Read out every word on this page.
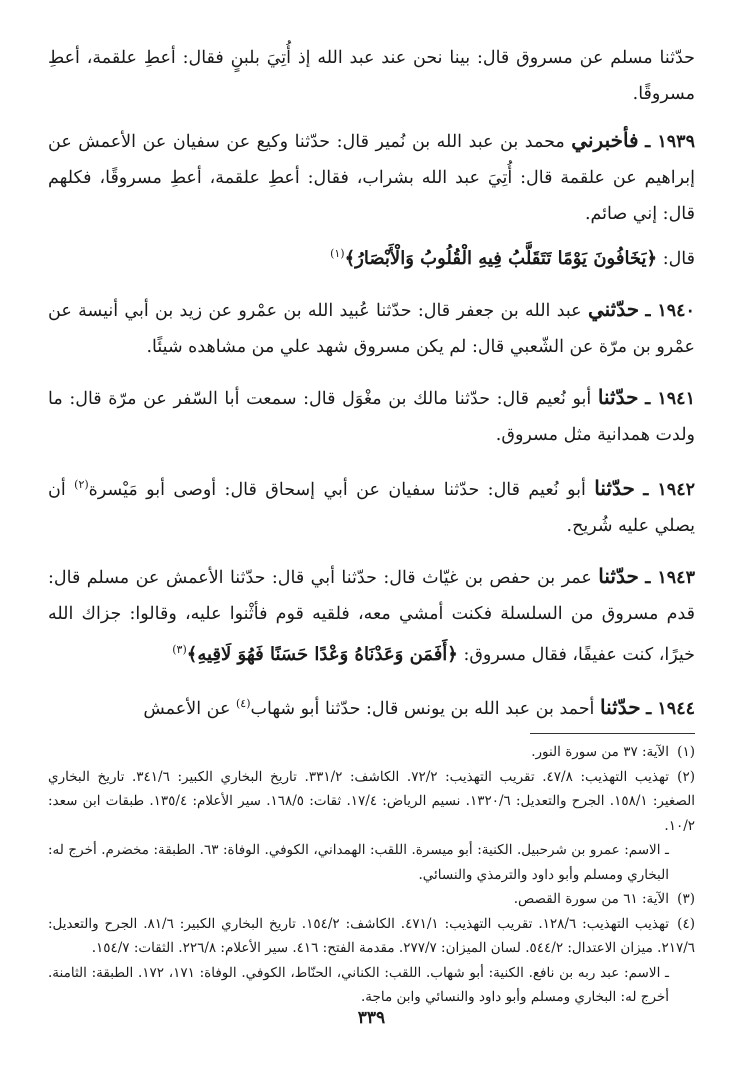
حدّثنا مسلم عن مسروق قال: بينا نحن عند عبد الله إذ أُتِيَ بلبنٍ فقال: أعطِ علقمة، أعطِ مسروقًا.

١٩٣٩ ـ فأخبرني محمد بن عبد الله بن نُمير قال: حدّثنا وكيع عن سفيان عن الأعمش عن إبراهيم عن علقمة قال: أُتِيَ عبد الله بشراب، فقال: أعطِ علقمة، أعطِ مسروقًا، فكلهم قال: إني صائم.

قال: ﴿يَخَافُونَ يَوْمًا تَتَقَلَّبُ فِيهِ الْقُلُوبُ وَالْأَبْصَارُ﴾$^{(١)}$

١٩٤٠ ـ حدّثني عبد الله بن جعفر قال: حدّثنا عُبيد الله بن عمْرو عن زيد بن أبي أنيسة عن عمْرو بن مرّة عن الشّعبي قال: لم يكن مسروق شهد علي من مشاهده شيئًا.

١٩٤١ ـ حدّثنا أبو نُعيم قال: حدّثنا مالك بن مغْوَل قال: سمعت أبا السّفر عن مرّة قال: ما ولدت همدانية مثل مسروق.

١٩٤٢ ـ حدّثنا أبو نُعيم قال: حدّثنا سفيان عن أبي إسحاق قال: أوصى أبو مَيْسرة$^{(٢)}$ أن يصلي عليه شُريح.

١٩٤٣ ـ حدّثنا عمر بن حفص بن غيّاث قال: حدّثنا أبي قال: حدّثنا الأعمش عن مسلم قال: قدم مسروق من السلسلة فكنت أمشي معه، فلقيه قوم فأثْنوا عليه، وقالوا: جزاك الله خيرًا، كنت عفيفًا، فقال مسروق: ﴿أَفَمَن وَعَدْنَاهُ وَعْدًا حَسَنًا فَهُوَ لَاقِيهِ﴾$^{(٣)}$

١٩٤٤ ـ حدّثنا أحمد بن عبد الله بن يونس قال: حدّثنا أبو شهاب$^{(٤)}$ عن الأعمش

(١)الآية: ٣٧ من سورة النور.

(٢)تهذيب التهذيب: ٤٧/٨. تقريب التهذيب: ٧٢/٢. الكاشف: ٣٣١/٢. تاريخ البخاري الكبير: ٣٤١/٦. تاريخ البخاري الصغير: ١٥٨/١. الجرح والتعديل: ١٣٢٠/٦. نسيم الرياض: ١٧/٤. ثقات: ١٦٨/٥. سير الأعلام: ١٣٥/٤. طبقات ابن سعد: ١٠/٢.

ـ الاسم: عمرو بن شرحبيل. الكنية: أبو ميسرة. اللقب: الهمداني، الكوفي. الوفاة: ٦٣. الطبقة: مخضرم. أخرج له: البخاري ومسلم وأبو داود والترمذي والنسائي.

(٣)الآية: ٦١ من سورة القصص.

(٤)تهذيب التهذيب: ١٢٨/٦. تقريب التهذيب: ٤٧١/١. الكاشف: ١٥٤/٢. تاريخ البخاري الكبير: ٨١/٦. الجرح والتعديل: ٢١٧/٦. ميزان الاعتدال: ٥٤٤/٢. لسان الميزان: ٢٧٧/٧. مقدمة الفتح: ٤١٦. سير الأعلام: ٢٢٦/٨. الثقات: ١٥٤/٧.

ـ الاسم: عبد ربه بن نافع. الكنية: أبو شهاب. اللقب: الكناني، الحنّاط، الكوفي. الوفاة: ١٧١، ١٧٢. الطبقة: الثامنة. أخرج له: البخاري ومسلم وأبو داود والنسائي وابن ماجة.

٣٣٩
